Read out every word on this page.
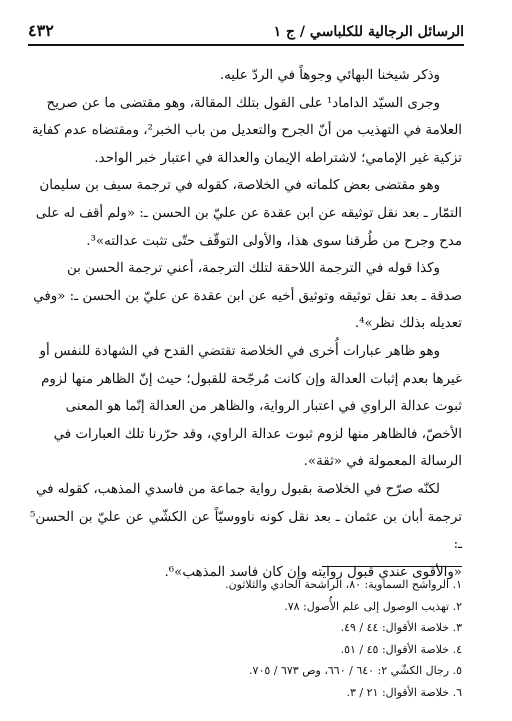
الرسائل الرجالية للكلباسي / ج ١
٤٣٢

وذكر شيخنا البهائي وجوهاً في الردّ عليه.

وجرى السيّد الداماد¹ على القول بتلك المقالة، وهو مقتضى ما عن صريح

العلامة في التهذيب من أنّ الجرح والتعديل من باب الخبر²، ومقتضاه عدم كفاية

تزكية غير الإمامي؛ لاشتراطه الإيمان والعدالة في اعتبار خبر الواحد.

وهو مقتضى بعض كلماته في الخلاصة، كقوله في ترجمة سيف بن سليمان

التمّار ـ بعد نقل توثيقه عن ابن عقدة عن عليّ بن الحسن ـ: «ولم أقف له على

مدح وجرح من طُرقنا سوى هذا، والأولى التوقّف حتّى تثبت عدالته»³.

وكذا قوله في الترجمة اللاحقة لتلك الترجمة، أعني ترجمة الحسن بن

صدقة ـ بعد نقل توثيقه وتوثيق أخيه عن ابن عقدة عن عليّ بن الحسن ـ: «وفي

تعديله بذلك نظر»⁴.

وهو ظاهر عبارات أُخرى في الخلاصة تقتضي القدح في الشهادة للنفس أو

غيرها بعدم إثبات العدالة وإن كانت مُرجّحة للقبول؛ حيث إنّ الظاهر منها لزوم

ثبوت عدالة الراوي في اعتبار الرواية، والظاهر من العدالة إنّما هو المعنى

الأخصّ، فالظاهر منها لزوم ثبوت عدالة الراوي، وقد حرّرنا تلك العبارات في

الرسالة المعمولة في «ثقة».

لكنّه صرّح في الخلاصة بقبول رواية جماعة من فاسدي المذهب، كقوله في

ترجمة أبان بن عثمان ـ بعد نقل كونه ناووسيّاً عن الكشّي عن عليّ بن الحسن⁵ ـ:

«والأقوى عندي قبول روايته وإن كان فاسد المذهب»⁶.

١. الرواشح السماوية: ٨٠، الراشحة الحادي والثلاثون.
٢. تهذيب الوصول إلى علم الأُصول: ٧٨.
٣. خلاصة الأقوال: ٤٤ / ٤٩.
٤. خلاصة الأقوال: ٤٥ / ٥١.
٥. رجال الكشّي ٢: ٦٤٠ / ٦٦٠، وص ٦٧٣ / ٧٠٥.
٦. خلاصة الأقوال: ٢١ / ٣.
